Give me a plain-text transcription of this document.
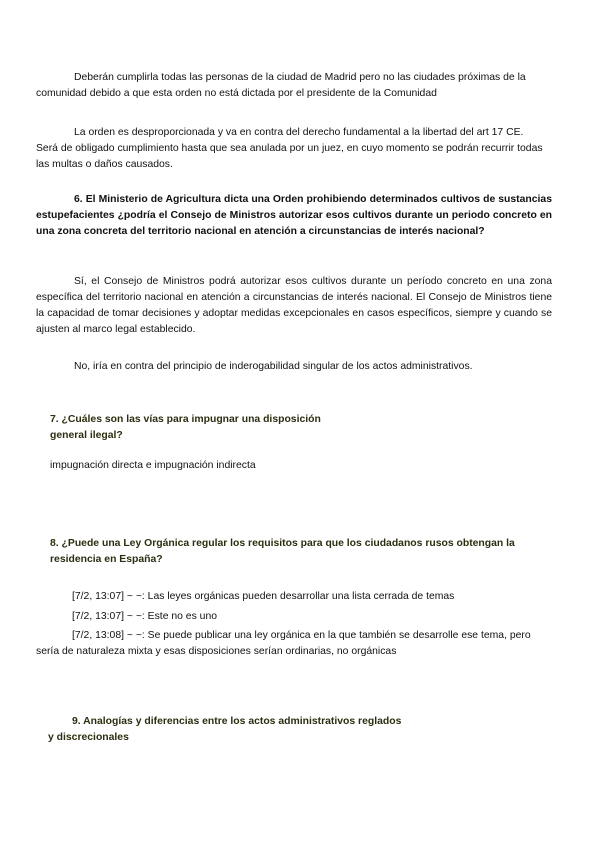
Deberán cumplirla todas las personas de la ciudad de Madrid pero no las ciudades próximas de la comunidad debido a que esta orden no está dictada por el presidente de la Comunidad

La orden es desproporcionada y va en contra del derecho fundamental a la libertad del art 17 CE. Será de obligado cumplimiento hasta que sea anulada por un juez, en cuyo momento se podrán recurrir todas las multas o daños causados.

6. El Ministerio de Agricultura dicta una Orden prohibiendo determinados cultivos de sustancias estupefacientes ¿podría el Consejo de Ministros autorizar esos cultivos durante un periodo concreto en una zona concreta del territorio nacional en atención a circunstancias de interés nacional?

Sí, el Consejo de Ministros podrá autorizar esos cultivos durante un período concreto en una zona específica del territorio nacional en atención a circunstancias de interés nacional. El Consejo de Ministros tiene la capacidad de tomar decisiones y adoptar medidas excepcionales en casos específicos, siempre y cuando se ajusten al marco legal establecido.

No, iría en contra del principio de inderogabilidad singular de los actos administrativos.

7. ¿Cuáles son las vías para impugnar una disposición

general ilegal?

impugnación directa e impugnación indirecta

8. ¿Puede una Ley Orgánica regular los requisitos para que los ciudadanos rusos obtengan la residencia en España?

[7/2, 13:07] ~ ~: Las leyes orgánicas pueden desarrollar una lista cerrada de temas

[7/2, 13:07] ~ ~: Este no es uno

[7/2, 13:08] ~ ~: Se puede publicar una ley orgánica en la que también se desarrolle ese tema, pero sería de naturaleza mixta y esas disposiciones serían ordinarias, no orgánicas

9. Analogías y diferencias entre los actos administrativos reglados

y discrecionales
